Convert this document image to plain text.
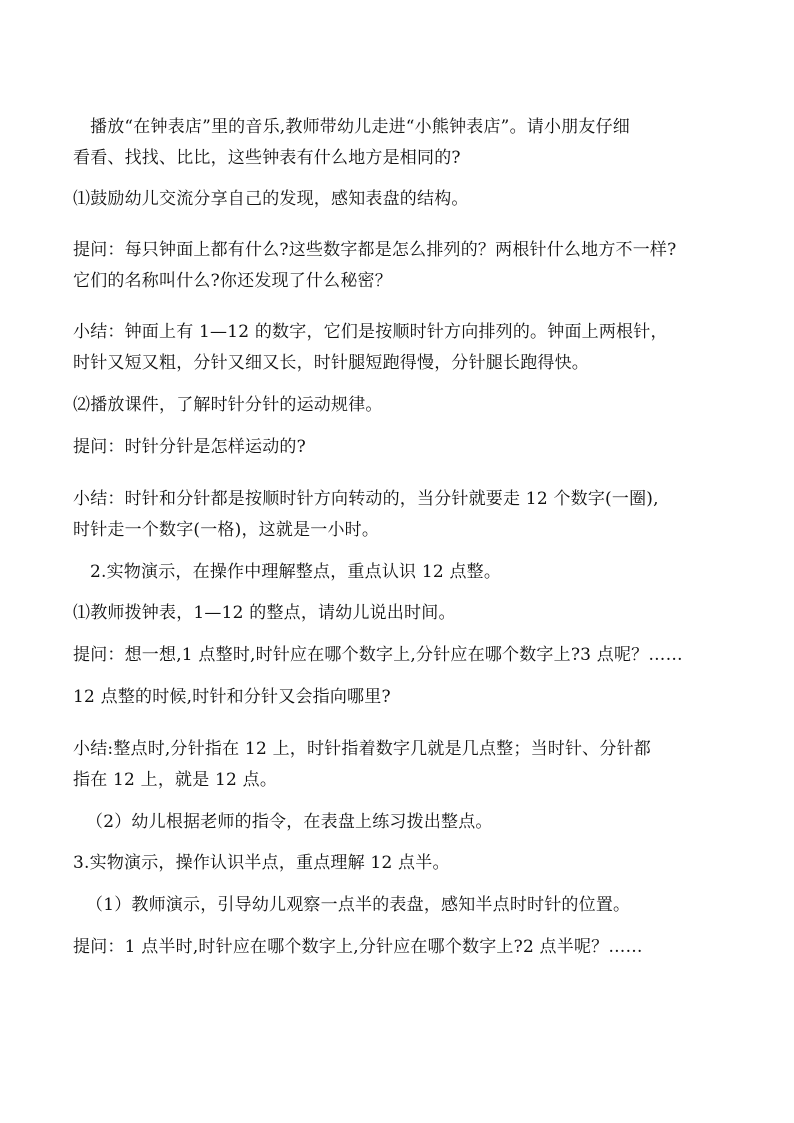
播放“在钟表店”里的音乐,教师带幼儿走进“小熊钟表店”。请小朋友仔细

看看、找找、比比，这些钟表有什么地方是相同的?

⑴鼓励幼儿交流分享自己的发现，感知表盘的结构。

提问：每只钟面上都有什么?这些数字都是怎么排列的？两根针什么地方不一样?
它们的名称叫什么?你还发现了什么秘密？

小结：钟面上有 1—12 的数字，它们是按顺时针方向排列的。钟面上两根针，
时针又短又粗，分针又细又长，时针腿短跑得慢，分针腿长跑得快。

⑵播放课件，了解时针分针的运动规律。

提问：时针分针是怎样运动的?

小结：时针和分针都是按顺时针方向转动的，当分针就要走 12 个数字(一圈),
时针走一个数字(一格)，这就是一小时。

2.实物演示，在操作中理解整点，重点认识 12 点整。

⑴教师拨钟表，1—12 的整点，请幼儿说出时间。

提问：想一想,1 点整时,时针应在哪个数字上,分针应在哪个数字上?3 点呢？……

12 点整的时候,时针和分针又会指向哪里?

小结:整点时,分针指在 12 上，时针指着数字几就是几点整；当时针、分针都
指在 12 上，就是 12 点。

（2）幼儿根据老师的指令，在表盘上练习拨出整点。

3.实物演示，操作认识半点，重点理解 12 点半。

（1）教师演示，引导幼儿观察一点半的表盘，感知半点时时针的位置。

提问：1 点半时,时针应在哪个数字上,分针应在哪个数字上?2 点半呢？……
